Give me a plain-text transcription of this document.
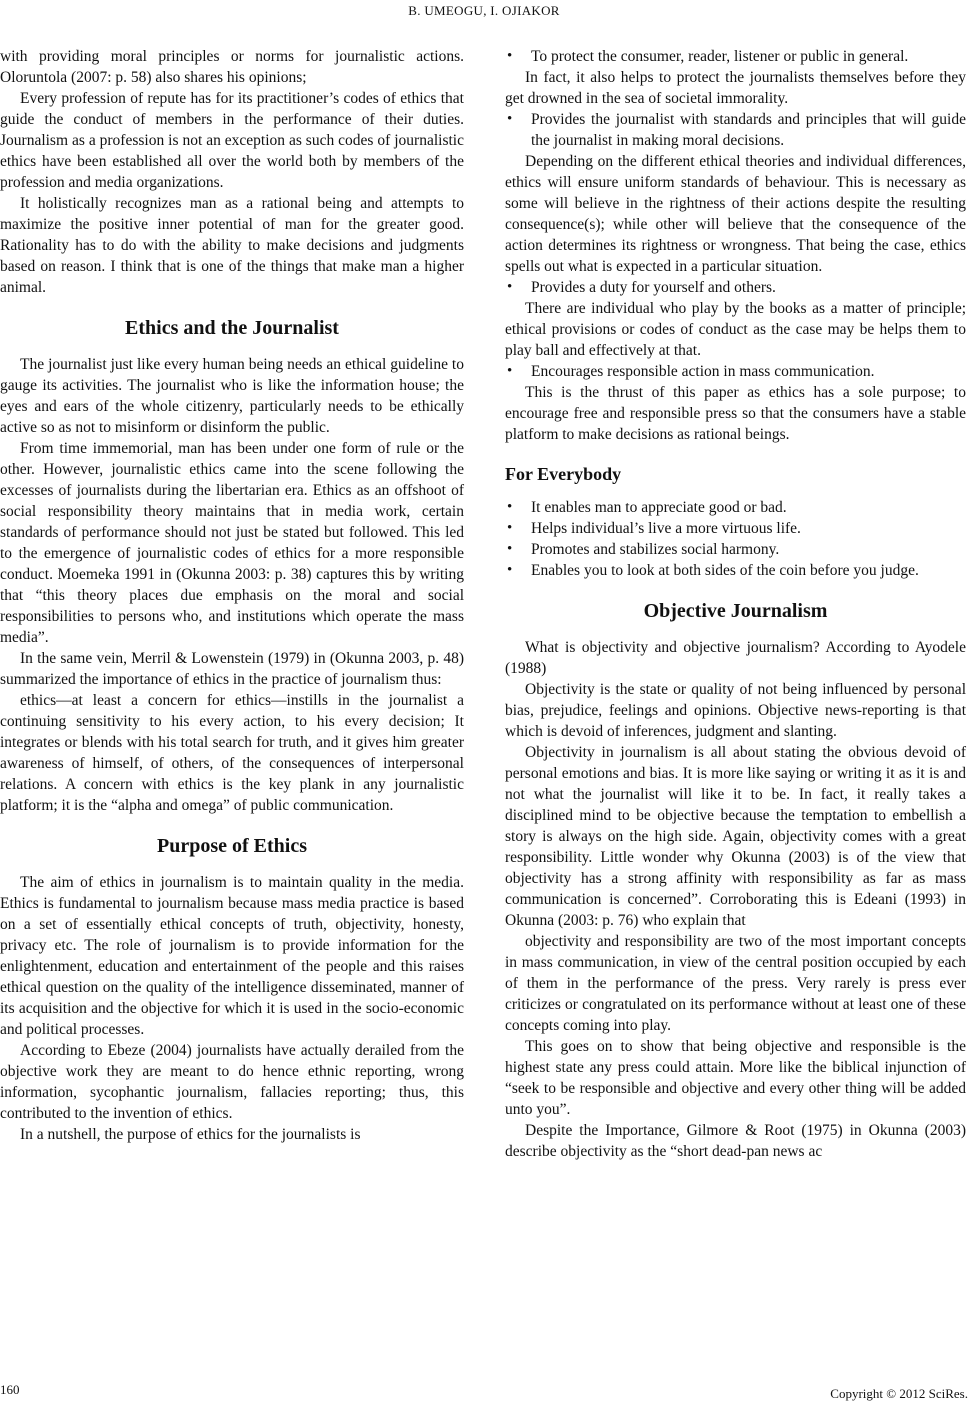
B. UMEOGU, I. OJIAKOR

with providing moral principles or norms for journalistic actions. Oloruntola (2007: p. 58) also shares his opinions;

Every profession of repute has for its practitioner’s codes of ethics that guide the conduct of members in the performance of their duties. Journalism as a profession is not an exception as such codes of journalistic ethics have been established all over the world both by members of the profession and media organizations.

It holistically recognizes man as a rational being and attempts to maximize the positive inner potential of man for the greater good. Rationality has to do with the ability to make decisions and judgments based on reason. I think that is one of the things that make man a higher animal.

Ethics and the Journalist

The journalist just like every human being needs an ethical guideline to gauge its activities. The journalist who is like the information house; the eyes and ears of the whole citizenry, particularly needs to be ethically active so as not to misinform or disinform the public.

From time immemorial, man has been under one form of rule or the other. However, journalistic ethics came into the scene following the excesses of journalists during the libertarian era. Ethics as an offshoot of social responsibility theory maintains that in media work, certain standards of performance should not just be stated but followed. This led to the emergence of journalistic codes of ethics for a more responsible conduct. Moemeka 1991 in (Okunna 2003: p. 38) captures this by writing that “this theory places due emphasis on the moral and social responsibilities to persons who, and institutions which operate the mass media”.

In the same vein, Merril & Lowenstein (1979) in (Okunna 2003, p. 48) summarized the importance of ethics in the practice of journalism thus:

ethics—at least a concern for ethics—instills in the journalist a continuing sensitivity to his every action, to his every decision; It integrates or blends with his total search for truth, and it gives him greater awareness of himself, of others, of the consequences of interpersonal relations. A concern with ethics is the key plank in any journalistic platform; it is the “alpha and omega” of public communication.

Purpose of Ethics

The aim of ethics in journalism is to maintain quality in the media. Ethics is fundamental to journalism because mass media practice is based on a set of essentially ethical concepts of truth, objectivity, honesty, privacy etc. The role of journalism is to provide information for the enlightenment, education and entertainment of the people and this raises ethical question on the quality of the intelligence disseminated, manner of its acquisition and the objective for which it is used in the socio-economic and political processes.

According to Ebeze (2004) journalists have actually derailed from the objective work they are meant to do hence ethnic reporting, wrong information, sycophantic journalism, fallacies reporting; thus, this contributed to the invention of ethics.

In a nutshell, the purpose of ethics for the journalists is

• To protect the consumer, reader, listener or public in general.

In fact, it also helps to protect the journalists themselves before they get drowned in the sea of societal immorality.

• Provides the journalist with standards and principles that will guide the journalist in making moral decisions.

Depending on the different ethical theories and individual differences, ethics will ensure uniform standards of behaviour. This is necessary as some will believe in the rightness of their actions despite the resulting consequence(s); while other will believe that the consequence of the action determines its rightness or wrongness. That being the case, ethics spells out what is expected in a particular situation.

• Provides a duty for yourself and others.

There are individual who play by the books as a matter of principle; ethical provisions or codes of conduct as the case may be helps them to play ball and effectively at that.

• Encourages responsible action in mass communication.

This is the thrust of this paper as ethics has a sole purpose; to encourage free and responsible press so that the consumers have a stable platform to make decisions as rational beings.

For Everybody
• It enables man to appreciate good or bad.
• Helps individual’s live a more virtuous life.
• Promotes and stabilizes social harmony.
• Enables you to look at both sides of the coin before you judge.
Objective Journalism

What is objectivity and objective journalism? According to Ayodele (1988)

Objectivity is the state or quality of not being influenced by personal bias, prejudice, feelings and opinions. Objective news-reporting is that which is devoid of inferences, judgment and slanting.

Objectivity in journalism is all about stating the obvious devoid of personal emotions and bias. It is more like saying or writing it as it is and not what the journalist will like it to be. In fact, it really takes a disciplined mind to be objective because the temptation to embellish a story is always on the high side. Again, objectivity comes with a great responsibility. Little wonder why Okunna (2003) is of the view that objectivity has a strong affinity with responsibility as far as mass communication is concerned”. Corroborating this is Edeani (1993) in Okunna (2003: p. 76) who explain that

objectivity and responsibility are two of the most important concepts in mass communication, in view of the central position occupied by each of them in the performance of the press. Very rarely is press ever criticizes or congratulated on its performance without at least one of these concepts coming into play.

This goes on to show that being objective and responsible is the highest state any press could attain. More like the biblical injunction of “seek to be responsible and objective and every other thing will be added unto you”.

Despite the Importance, Gilmore & Root (1975) in Okunna (2003) describe objectivity as the “short dead-pan news ac

160	Copyright © 2012 SciRes.
